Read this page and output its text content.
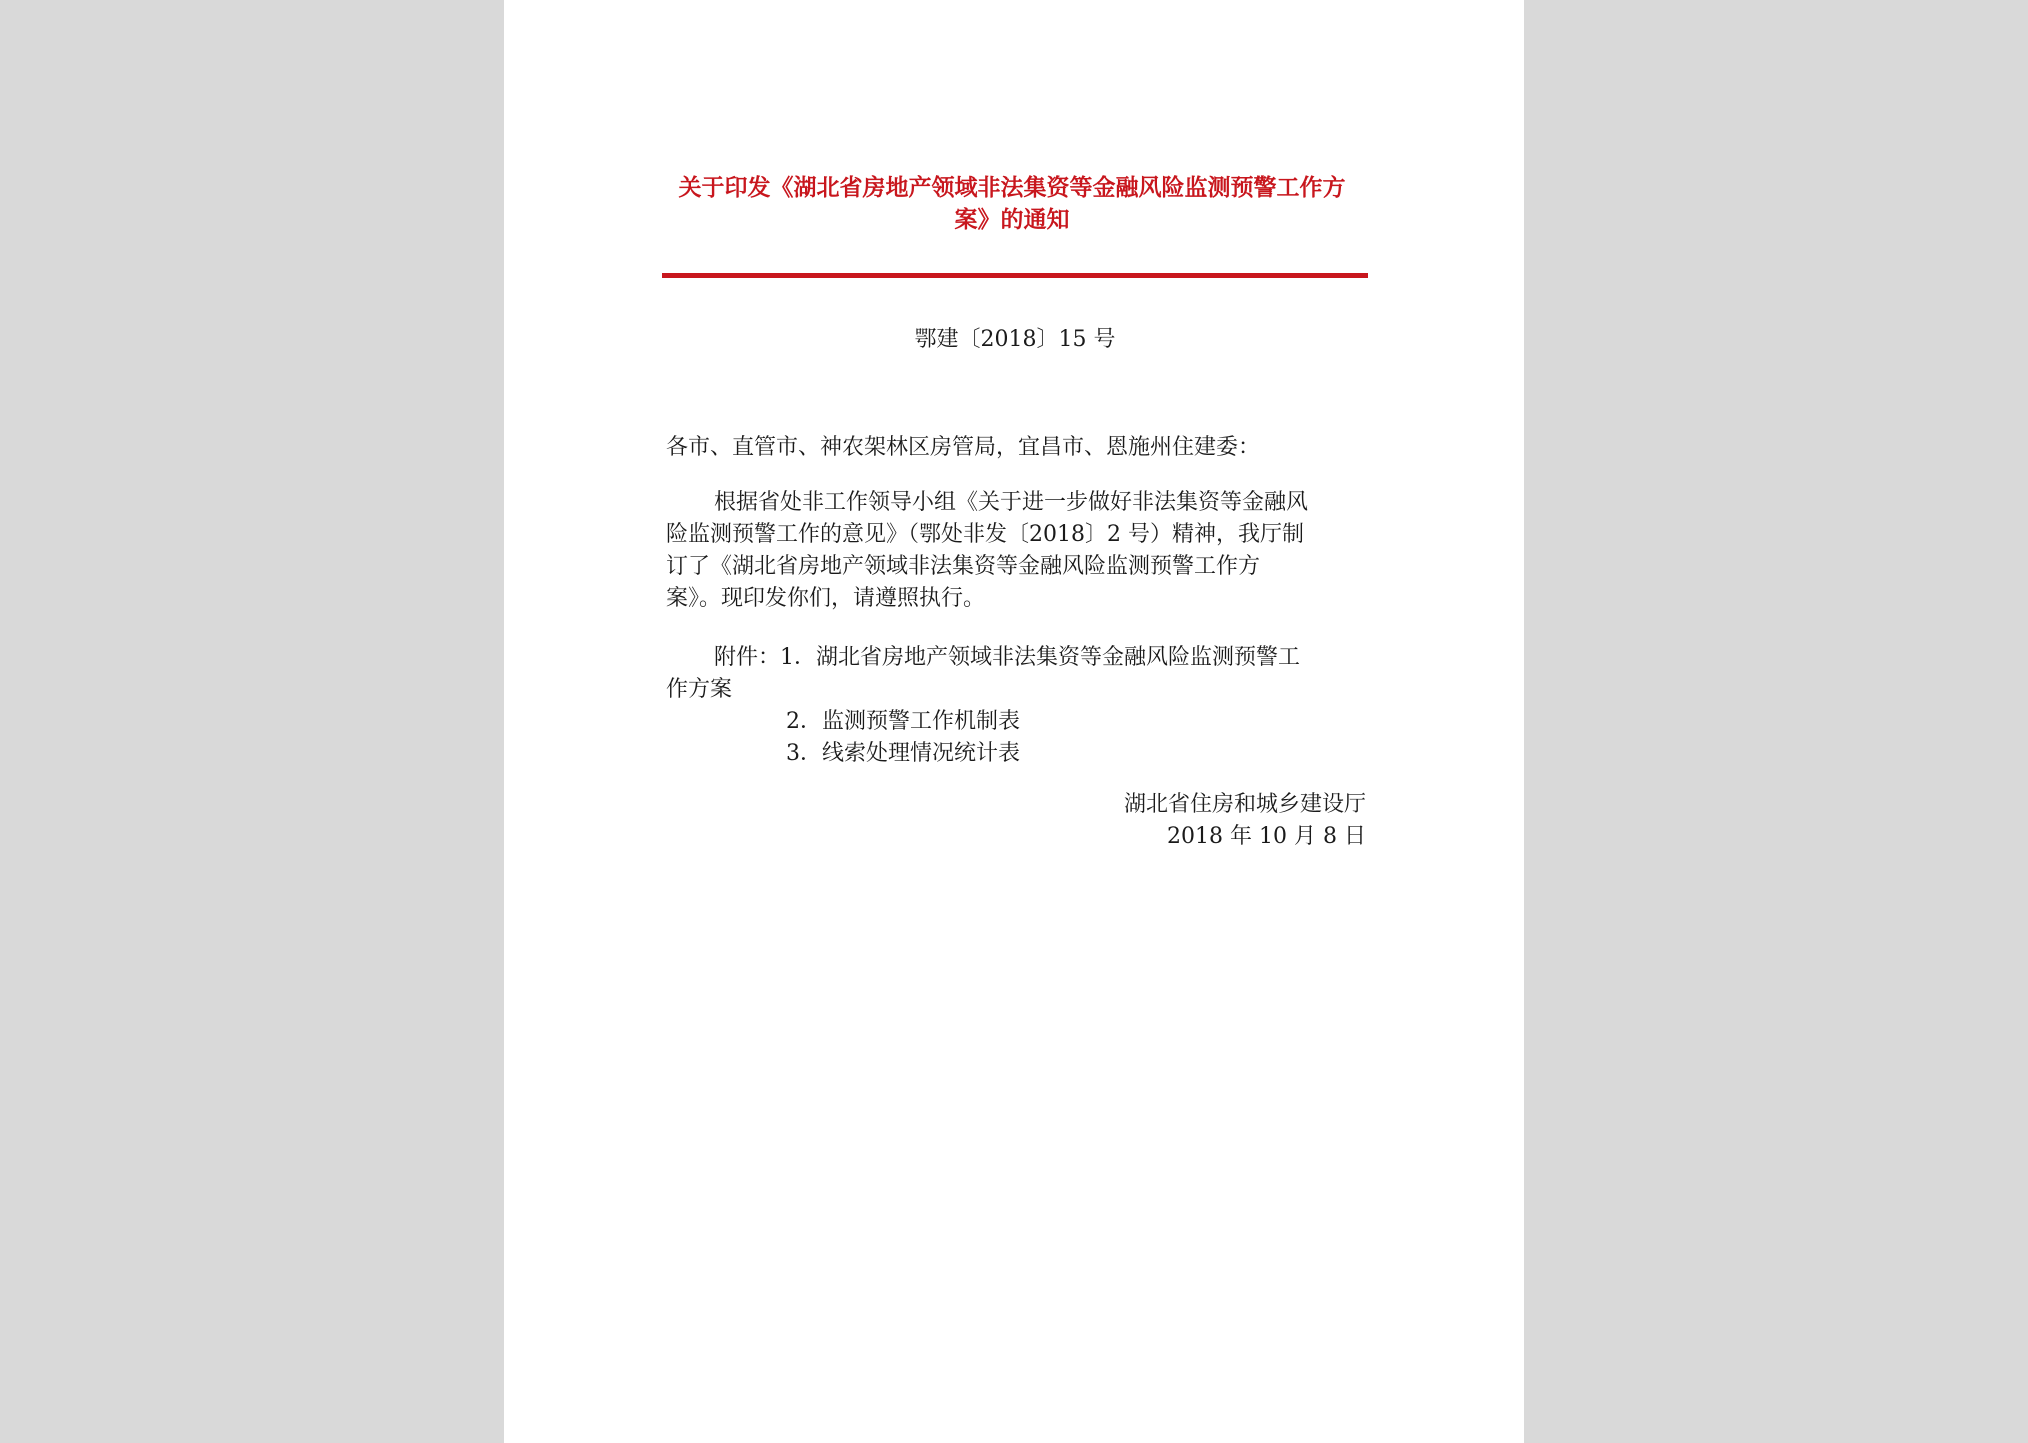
关于印发《湖北省房地产领域非法集资等金融风险监测预警工作方
案》的通知
鄂建〔2018〕15 号
各市、直管市、神农架林区房管局，宜昌市、恩施州住建委：
根据省处非工作领导小组《关于进一步做好非法集资等金融风
险监测预警工作的意见》（鄂处非发〔2018〕2 号）精神，我厅制
订了《湖北省房地产领域非法集资等金融风险监测预警工作方
案》。现印发你们，请遵照执行。
附件：1．湖北省房地产领域非法集资等金融风险监测预警工
作方案
2．监测预警工作机制表
3．线索处理情况统计表
湖北省住房和城乡建设厅
2018 年 10 月 8 日
